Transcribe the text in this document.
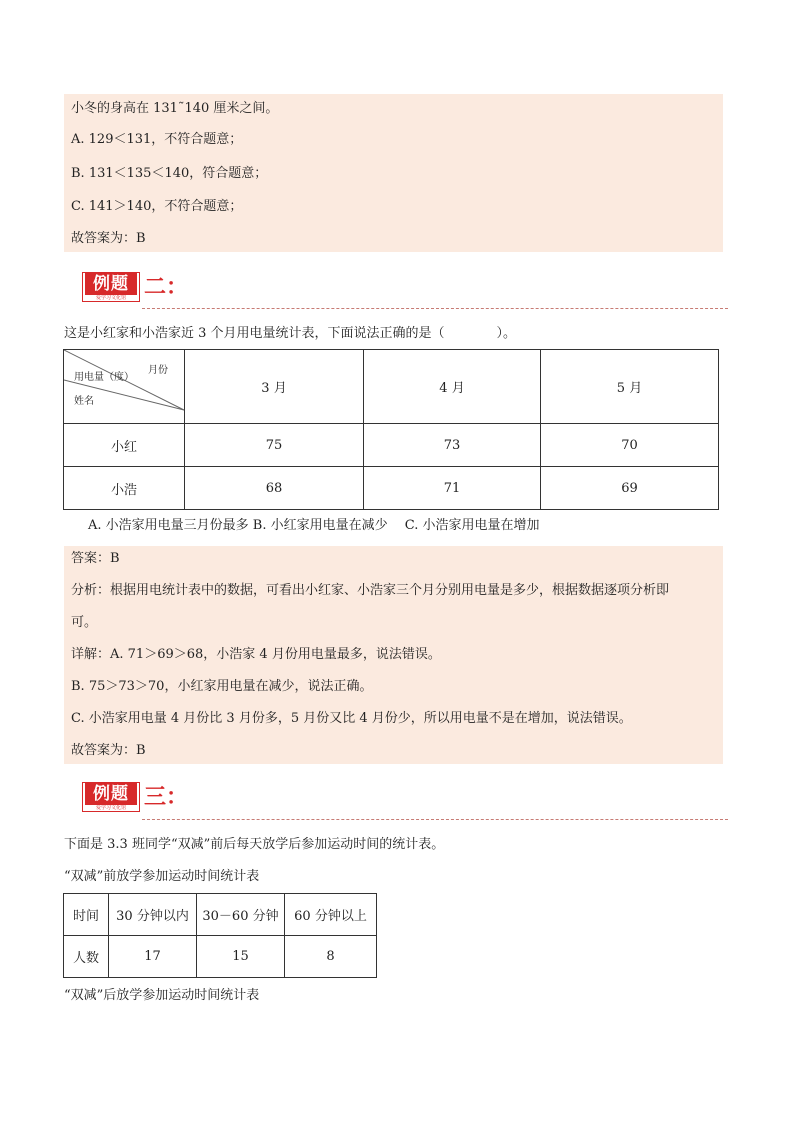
小冬的身高在 131˜140 厘米之间。
A. 129＜131，不符合题意；
B. 131＜135＜140，符合题意；
C. 141＞140，不符合题意；
故答案为：B
例题
爱学习文化馆 二：
这是小红家和小浩家近 3 个月用电量统计表，下面说法正确的是（　　　　）。
月份
用电量（度）
姓名	3 月	4 月	5 月
小红	75	73	70
小浩	68	71	69
A. 小浩家用电量三月份最多 B. 小红家用电量在减少　 C. 小浩家用电量在增加
答案：B
分析：根据用电统计表中的数据，可看出小红家、小浩家三个月分别用电量是多少，根据数据逐项分析即
可。
详解：A. 71＞69＞68，小浩家 4 月份用电量最多，说法错误。
B. 75＞73＞70，小红家用电量在减少，说法正确。
C. 小浩家用电量 4 月份比 3 月份多，5 月份又比 4 月份少，所以用电量不是在增加，说法错误。
故答案为：B
例题
爱学习文化馆 三：
下面是 3.3 班同学“双减”前后每天放学后参加运动时间的统计表。
“双减”前放学参加运动时间统计表
时间	30 分钟以内	30－60 分钟	60 分钟以上
人数	17	15	8
“双减”后放学参加运动时间统计表
